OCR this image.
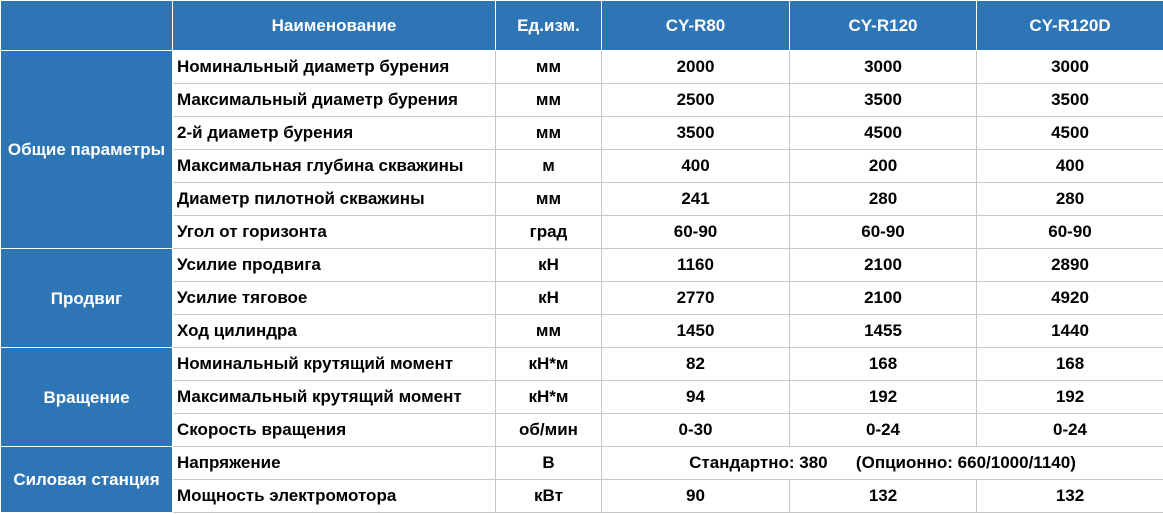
	Наименование	Ед.изм.	CY-R80	CY-R120	CY-R120D
Общие параметры	Номинальный диаметр бурения	мм	2000	3000	3000
	Максимальный диаметр бурения	мм	2500	3500	3500
	2-й диаметр бурения	мм	3500	4500	4500
	Максимальная глубина скважины	м	400	200	400
	Диаметр пилотной скважины	мм	241	280	280
	Угол от горизонта	град	60-90	60-90	60-90
Продвиг	Усилие продвига	кН	1160	2100	2890
	Усилие тяговое	кН	2770	2100	4920
	Ход цилиндра	мм	1450	1455	1440
Вращение	Номинальный крутящий момент	кН*м	82	168	168
	Максимальный крутящий момент	кН*м	94	192	192
	Скорость вращения	об/мин	0-30	0-24	0-24
Силовая станция	Напряжение	В	Стандартно: 380      (Опционно: 660/1000/1140)		
	Мощность электромотора	кВт	90	132	132
